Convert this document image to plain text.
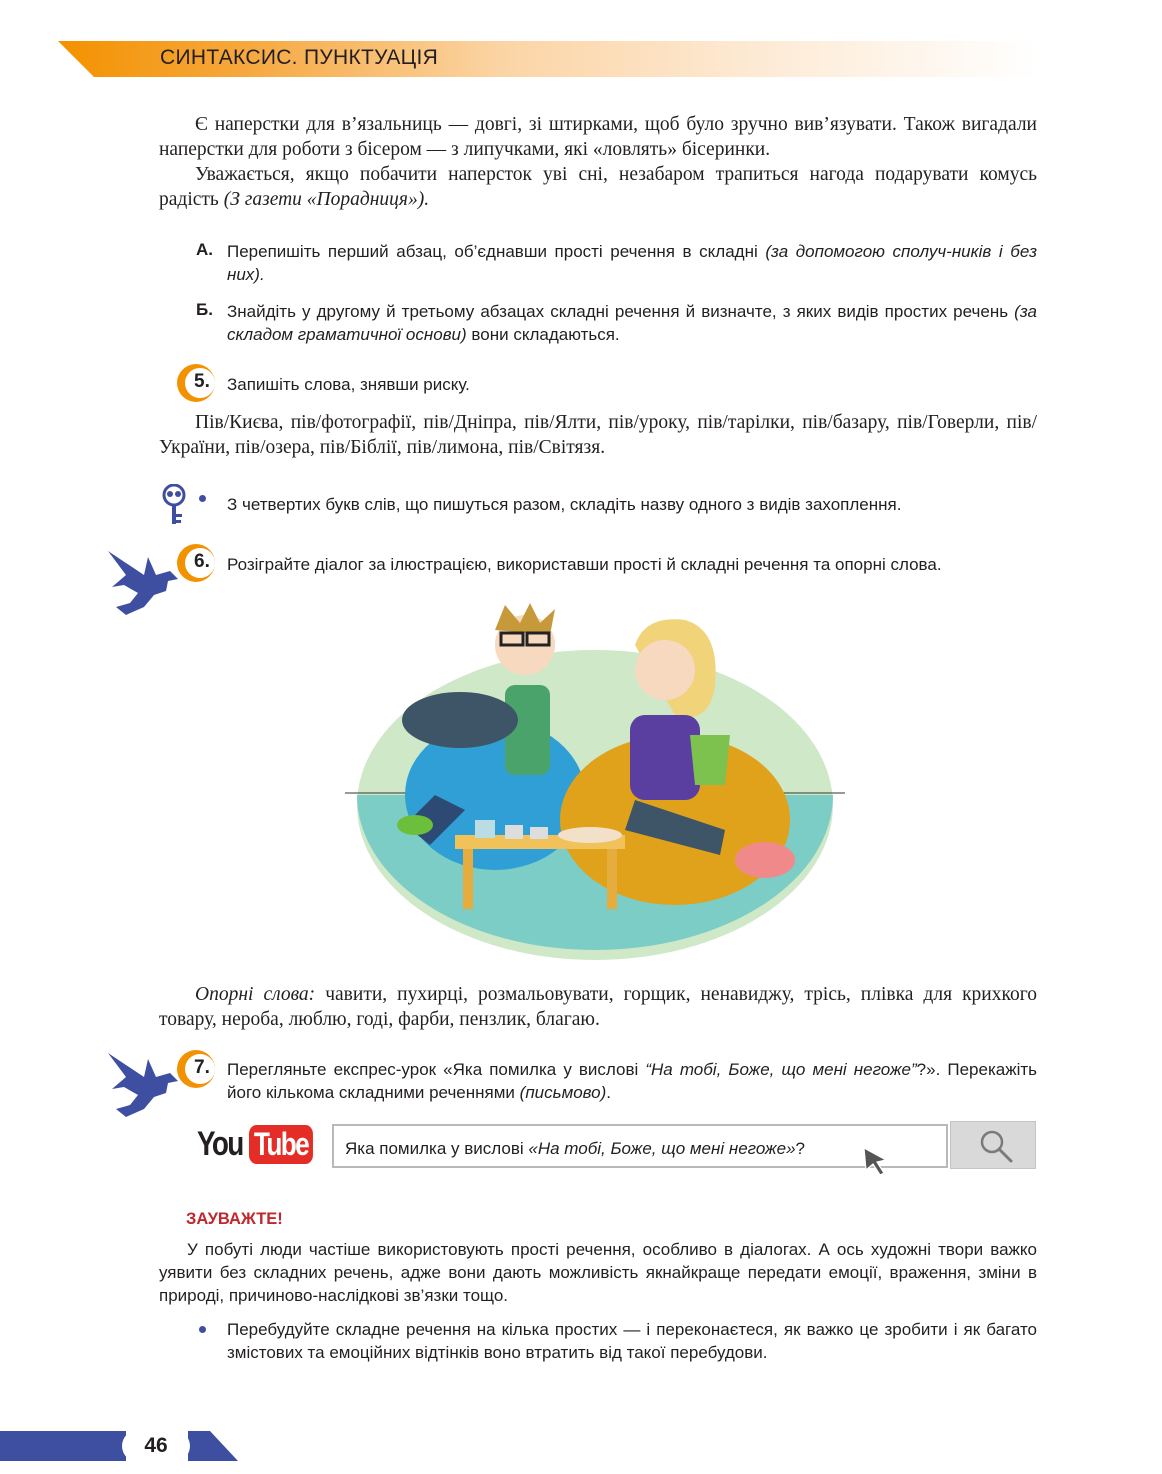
СИНТАКСИС. ПУНКТУАЦІЯ
Є наперстки для в’язальниць — довгі, зі штирками, щоб було зручно вив’язувати. Також вигадали наперстки для роботи з бісером — з липучками, які «ловлять» бісеринки.
Уважається, якщо побачити наперсток уві сні, незабаром трапиться нагода подарувати комусь радість (З газети «Порадниця»).
А. Перепишіть перший абзац, об’єднавши прості речення в складні (за допомогою сполуч-ників і без них).
Б. Знайдіть у другому й третьому абзацах складні речення й визначте, з яких видів простих речень (за складом граматичної основи) вони складаються.
5. Запишіть слова, знявши риску.
Пів/Києва, пів/фотографії, пів/Дніпра, пів/Ялти, пів/уроку, пів/тарілки, пів/базару, пів/Говерли, пів/України, пів/озера, пів/Біблії, пів/лимона, пів/Світязя.
З четвертих букв слів, що пишуться разом, складіть назву одного з видів захоплення.
6. Розіграйте діалог за ілюстрацією, використавши прості й складні речення та опорні слова.
Опорні слова: чавити, пухирці, розмальовувати, горщик, ненавиджу, трісь, плівка для крихкого товару, нероба, люблю, годі, фарби, пензлик, благаю.
7. Перегляньте експрес-урок «Яка помилка у вислові “На тобі, Боже, що мені негоже”?». Перекажіть його кількома складними реченнями (письмово).
You Tube Яка помилка у вислові «На тобі, Боже, що мені негоже»?
ЗАУВАЖТЕ!
У побуті люди частіше використовують прості речення, особливо в діалогах. А ось художні твори важко уявити без складних речень, адже вони дають можливість якнайкраще передати емоції, враження, зміни в природі, причиново-наслідкові зв’язки тощо.
Перебудуйте складне речення на кілька простих — і переконаєтеся, як важко це зробити і як багато змістових та емоційних відтінків воно втратить від такої перебудови.
46
